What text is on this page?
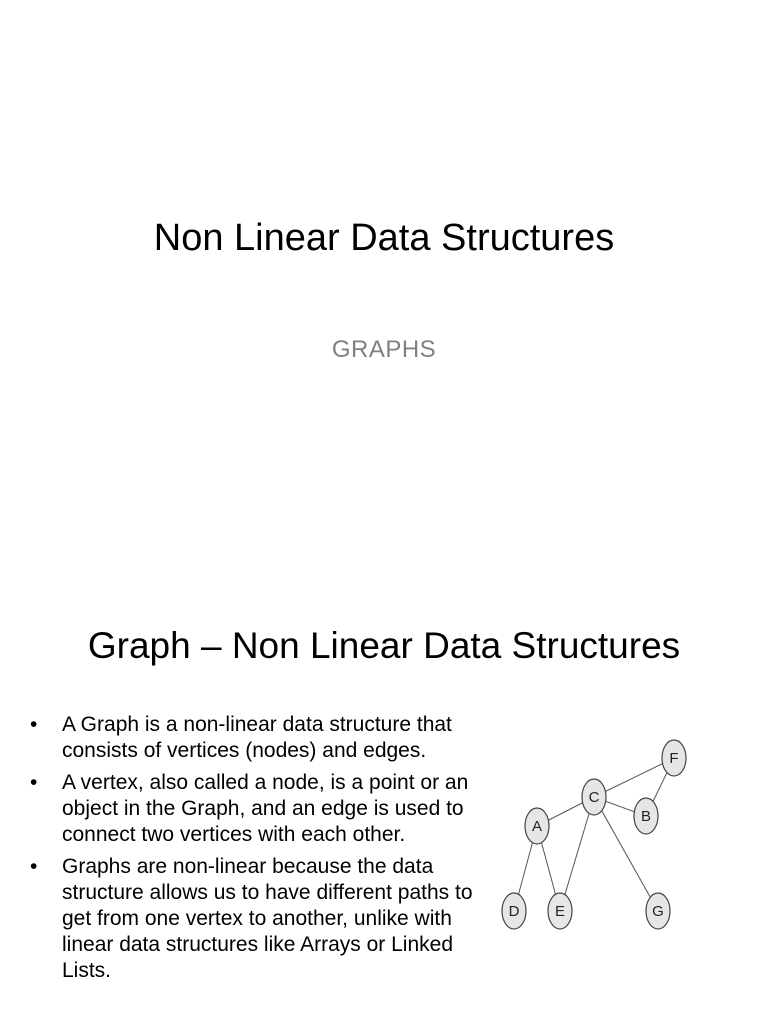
Non Linear Data Structures
GRAPHS
Graph – Non Linear Data Structures
•	A Graph is a non-linear data structure that consists of vertices (nodes) and edges.
•	A vertex, also called a node, is a point or an object in the Graph, and an edge is used to connect two vertices with each other.
•	Graphs are non-linear because the data structure allows us to have different paths to get from one vertex to another, unlike with linear data structures like Arrays or Linked Lists.
A
B
C
D E
F
G
